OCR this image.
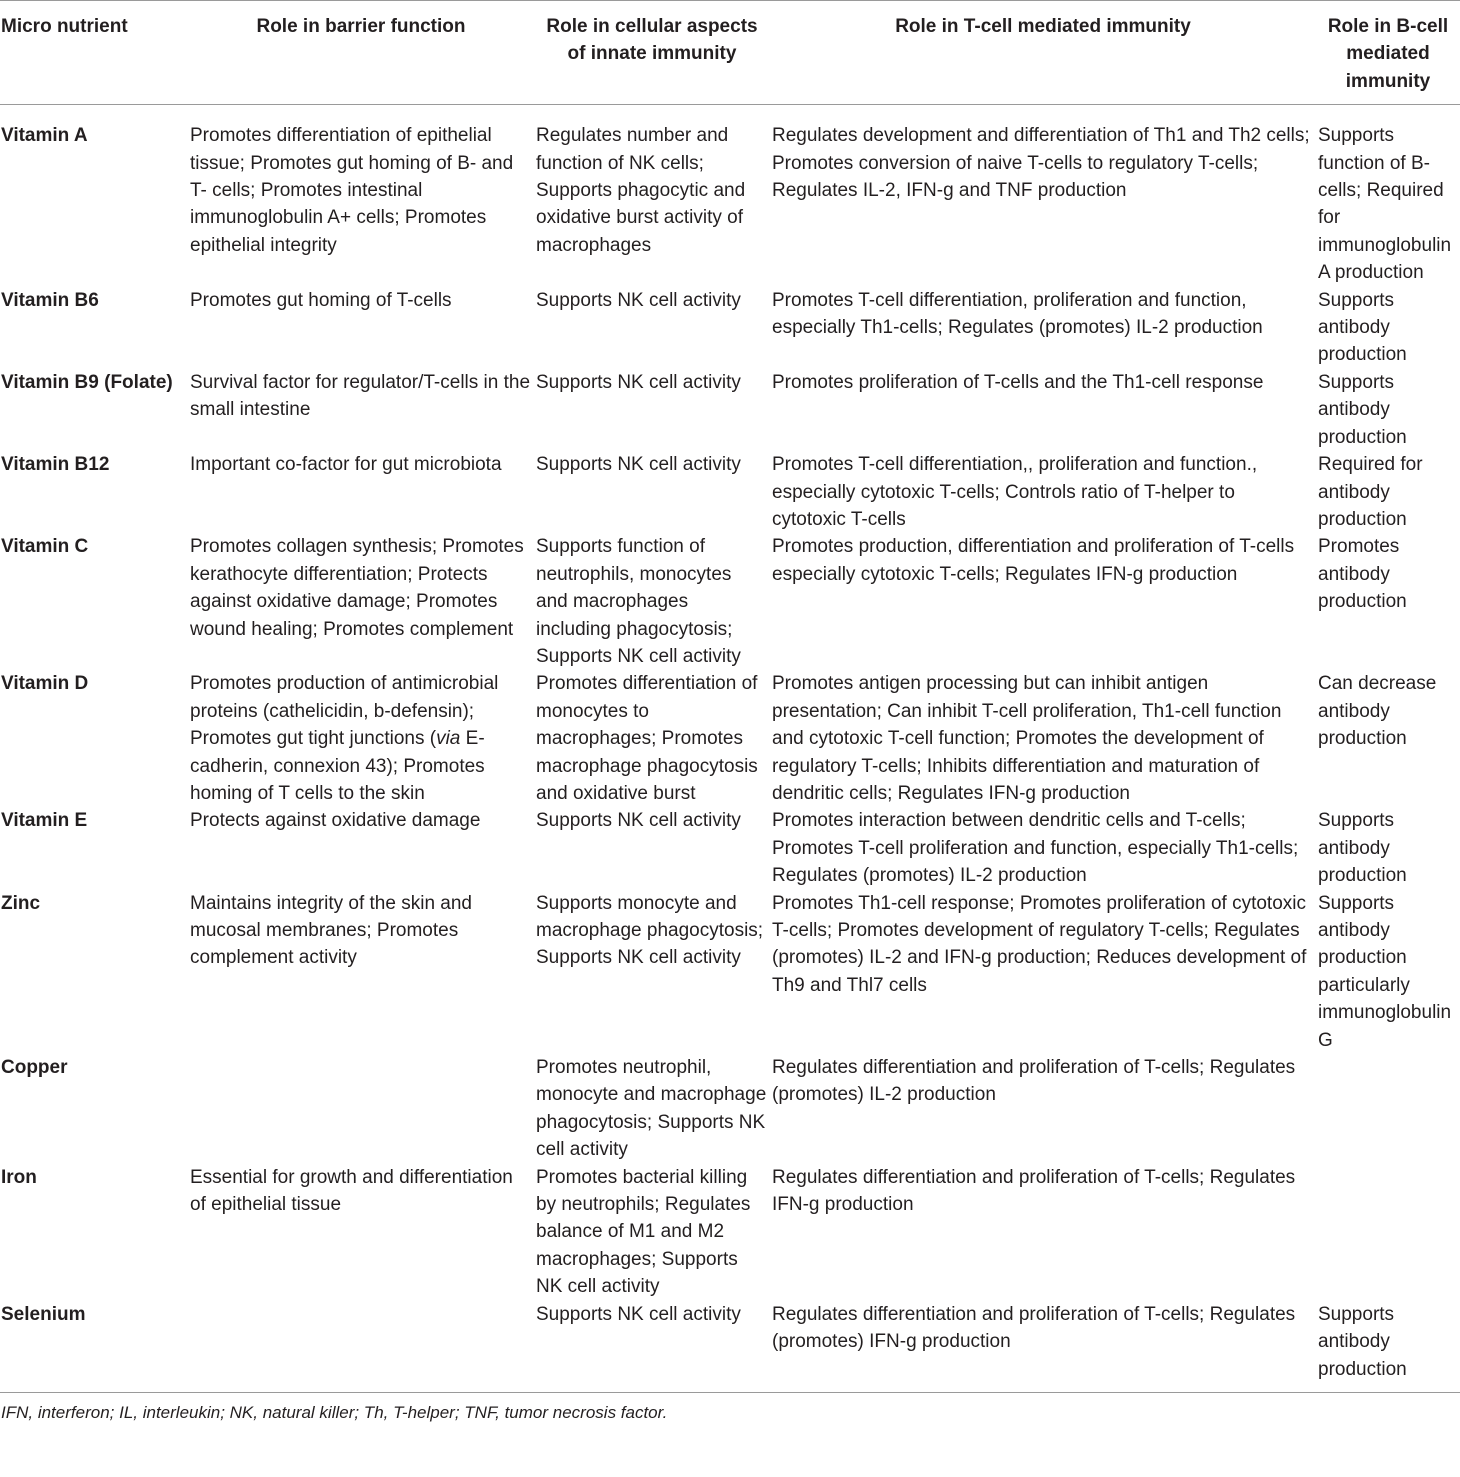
Micro nutrient	Role in barrier function	Role in cellular aspects of innate immunity	Role in T-cell mediated immunity	Role in B-cell mediated immunity
Vitamin A	Promotes differentiation of epithelial tissue; Promotes gut homing of B- and T- cells; Promotes intestinal immunoglobulin A+ cells; Promotes epithelial integrity	Regulates number and function of NK cells; Supports phagocytic and oxidative burst activity of macrophages	Regulates development and differentiation of Th1 and Th2 cells; Promotes conversion of naive T-cells to regulatory T-cells; Regulates IL-2, IFN-g and TNF production	Supports function of B-cells; Required for immunoglobulin A production
Vitamin B6	Promotes gut homing of T-cells	Supports NK cell activity	Promotes T-cell differentiation, proliferation and function, especially Th1-cells; Regulates (promotes) IL-2 production	Supports antibody production
Vitamin B9 (Folate)	Survival factor for regulator/T-cells in the small intestine	Supports NK cell activity	Promotes proliferation of T-cells and the Th1-cell response	Supports antibody production
Vitamin B12	Important co-factor for gut microbiota	Supports NK cell activity	Promotes T-cell differentiation,, proliferation and function., especially cytotoxic T-cells; Controls ratio of T-helper to cytotoxic T-cells	Required for antibody production
Vitamin C	Promotes collagen synthesis; Promotes kerathocyte differentiation; Protects against oxidative damage; Promotes wound healing; Promotes complement	Supports function of neutrophils, monocytes and macrophages including phagocytosis; Supports NK cell activity	Promotes production, differentiation and proliferation of T-cells especially cytotoxic T-cells; Regulates IFN-g production	Promotes antibody production
Vitamin D	Promotes production of antimicrobial proteins (cathelicidin, b-defensin); Promotes gut tight junctions (via E-cadherin, connexion 43); Promotes homing of T cells to the skin	Promotes differentiation of monocytes to macrophages; Promotes macrophage phagocytosis and oxidative burst	Promotes antigen processing but can inhibit antigen presentation; Can inhibit T-cell proliferation, Th1-cell function and cytotoxic T-cell function; Promotes the development of regulatory T-cells; Inhibits differentiation and maturation of dendritic cells; Regulates IFN-g production	Can decrease antibody production
Vitamin E	Protects against oxidative damage	Supports NK cell activity	Promotes interaction between dendritic cells and T-cells; Promotes T-cell proliferation and function, especially Th1-cells; Regulates (promotes) IL-2 production	Supports antibody production
Zinc	Maintains integrity of the skin and mucosal membranes; Promotes complement activity	Supports monocyte and macrophage phagocytosis; Supports NK cell activity	Promotes Th1-cell response; Promotes proliferation of cytotoxic T-cells; Promotes development of regulatory T-cells; Regulates (promotes) IL-2 and IFN-g production; Reduces development of Th9 and Thl7 cells	Supports antibody production particularly immunoglobulin G
Copper		Promotes neutrophil, monocyte and macrophage phagocytosis; Supports NK cell activity	Regulates differentiation and proliferation of T-cells; Regulates (promotes) IL-2 production	
Iron	Essential for growth and differentiation of epithelial tissue	Promotes bacterial killing by neutrophils; Regulates balance of M1 and M2 macrophages; Supports NK cell activity	Regulates differentiation and proliferation of T-cells; Regulates IFN-g production	
Selenium		Supports NK cell activity	Regulates differentiation and proliferation of T-cells; Regulates (promotes) IFN-g production	Supports antibody production
IFN, interferon; IL, interleukin; NK, natural killer; Th, T-helper; TNF, tumor necrosis factor.
